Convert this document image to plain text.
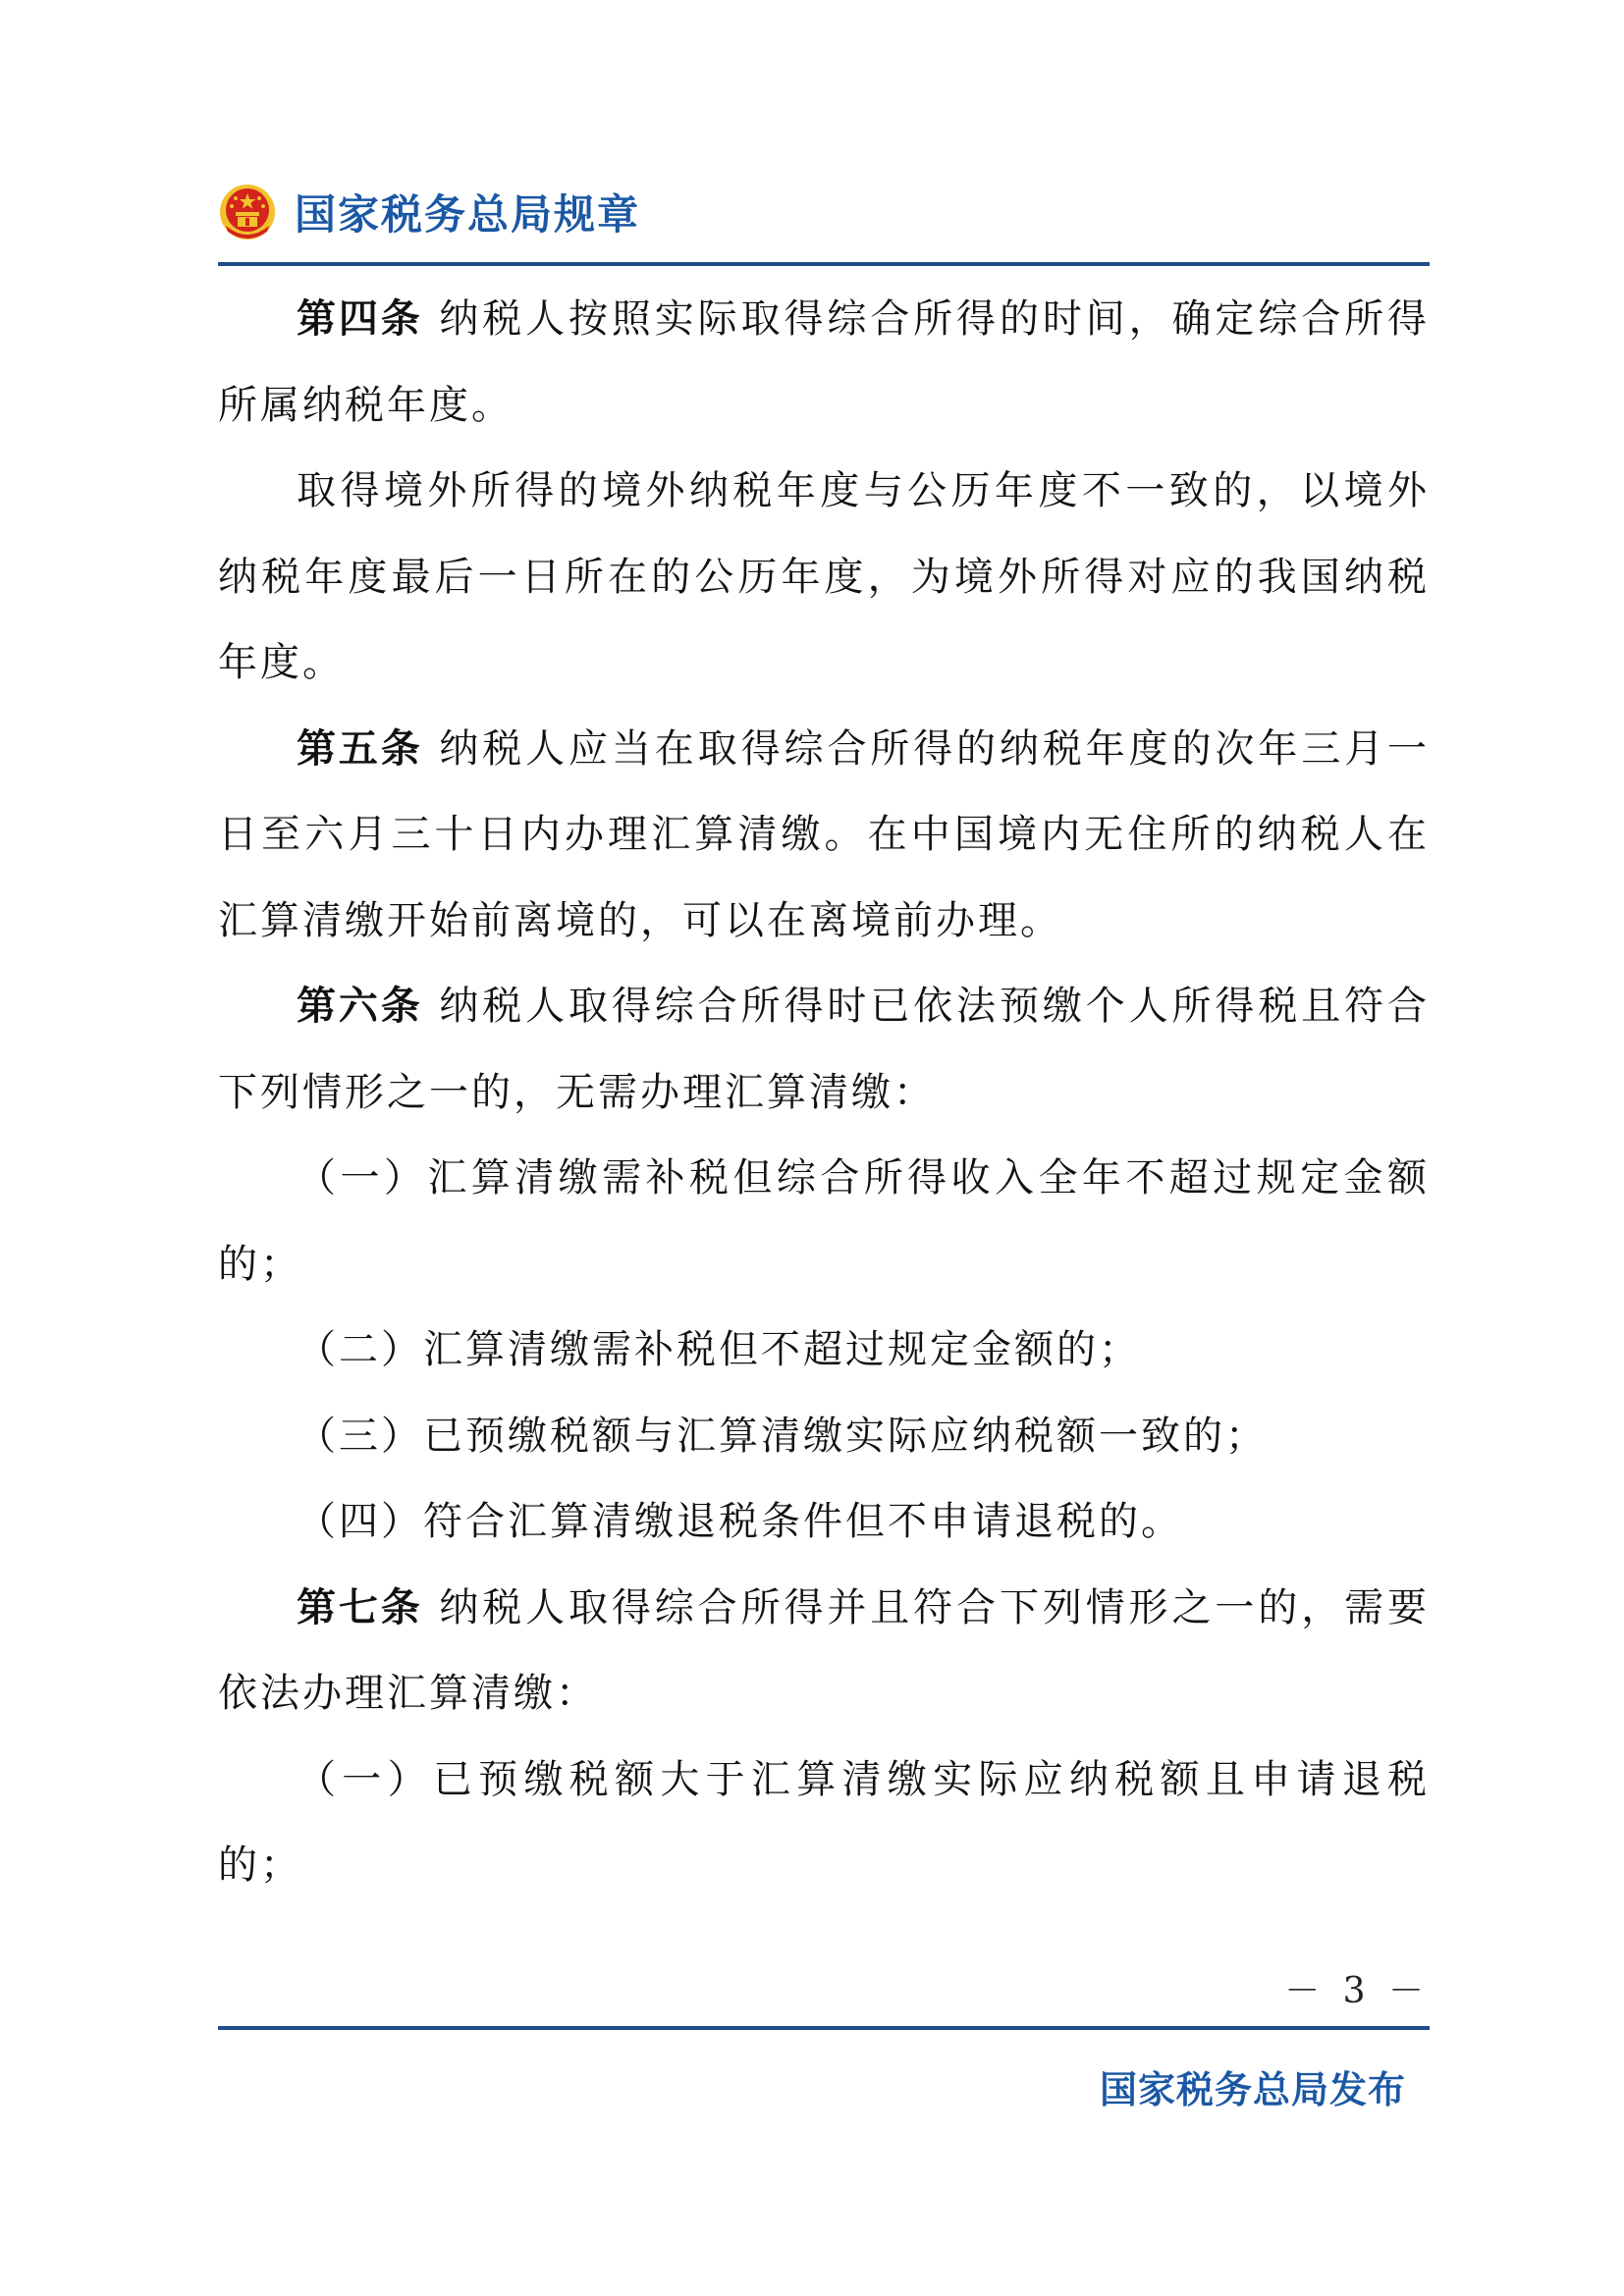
国家税务总局规章

第四条 纳税人按照实际取得综合所得的时间，确定综合所得所属纳税年度。

取得境外所得的境外纳税年度与公历年度不一致的，以境外纳税年度最后一日所在的公历年度，为境外所得对应的我国纳税年度。

第五条 纳税人应当在取得综合所得的纳税年度的次年三月一日至六月三十日内办理汇算清缴。在中国境内无住所的纳税人在汇算清缴开始前离境的，可以在离境前办理。

第六条 纳税人取得综合所得时已依法预缴个人所得税且符合下列情形之一的，无需办理汇算清缴：

（一）汇算清缴需补税但综合所得收入全年不超过规定金额的；

（二）汇算清缴需补税但不超过规定金额的；

（三）已预缴税额与汇算清缴实际应纳税额一致的；

（四）符合汇算清缴退税条件但不申请退税的。

第七条 纳税人取得综合所得并且符合下列情形之一的，需要依法办理汇算清缴：

（一）已预缴税额大于汇算清缴实际应纳税额且申请退税的；

－ 3 －
国家税务总局发布
